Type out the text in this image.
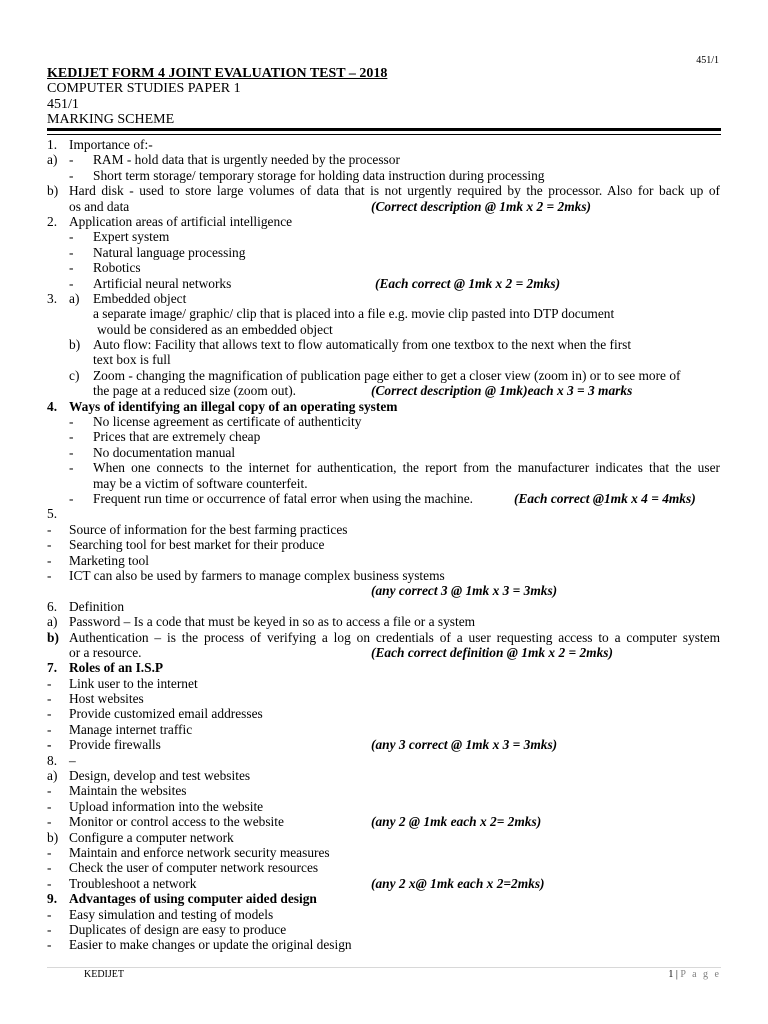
451/1
KEDIJET FORM 4 JOINT EVALUATION TEST – 2018
COMPUTER STUDIES PAPER 1
451/1
MARKING SCHEME
1. Importance of:-
a) - RAM - hold data that is urgently needed by the processor
- Short term storage/ temporary storage for holding data instruction during processing
b) Hard disk - used to store large volumes of data that is not urgently required by the processor. Also for back up of
os and data	(Correct description @ 1mk x 2 = 2mks)
2. Application areas of artificial intelligence
- Expert system
- Natural language processing
- Robotics
- Artificial neural networks	(Each correct @ 1mk x 2 = 2mks)
3. a) Embedded object
a separate image/ graphic/ clip that is placed into a file e.g. movie clip pasted into DTP document
would be considered as an embedded object
b) Auto flow: Facility that allows text to flow automatically from one textbox to the next when the first
text box is full
c) Zoom - changing the magnification of publication page either to get a closer view (zoom in) or to see more of
the page at a reduced size (zoom out).	(Correct description @ 1mk)each x 3 = 3 marks
4. Ways of identifying an illegal copy of an operating system
- No license agreement as certificate of authenticity
- Prices that are extremely cheap
- No documentation manual
- When one connects to the internet for authentication, the report from the manufacturer indicates that the user
may be a victim of software counterfeit.
- Frequent run time or occurrence of fatal error when using the machine.	(Each correct @1mk x 4 = 4mks)
5.
- Source of information for the best farming practices
- Searching tool for best market for their produce
- Marketing tool
- ICT can also be used by farmers to manage complex business systems
(any correct 3 @ 1mk x 3 = 3mks)
6. Definition
a) Password – Is a code that must be keyed in so as to access a file or a system
b) Authentication – is the process of verifying a log on credentials of a user requesting access to a computer system
or a resource.	(Each correct definition @ 1mk x 2 = 2mks)
7. Roles of an I.S.P
- Link user to the internet
- Host websites
- Provide customized email addresses
- Manage internet traffic
- Provide firewalls	(any 3 correct @ 1mk x 3 = 3mks)
8. –
a) Design, develop and test websites
- Maintain the websites
- Upload information into the website
- Monitor or control access to the website	(any 2 @ 1mk each x 2= 2mks)
b) Configure a computer network
- Maintain and enforce network security measures
- Check the user of computer network resources
- Troubleshoot a network	(any 2 x@ 1mk each x 2=2mks)
9. Advantages of using computer aided design
- Easy simulation and testing of models
- Duplicates of design are easy to produce
- Easier to make changes or update the original design
KEDIJET	1 | P a g e
